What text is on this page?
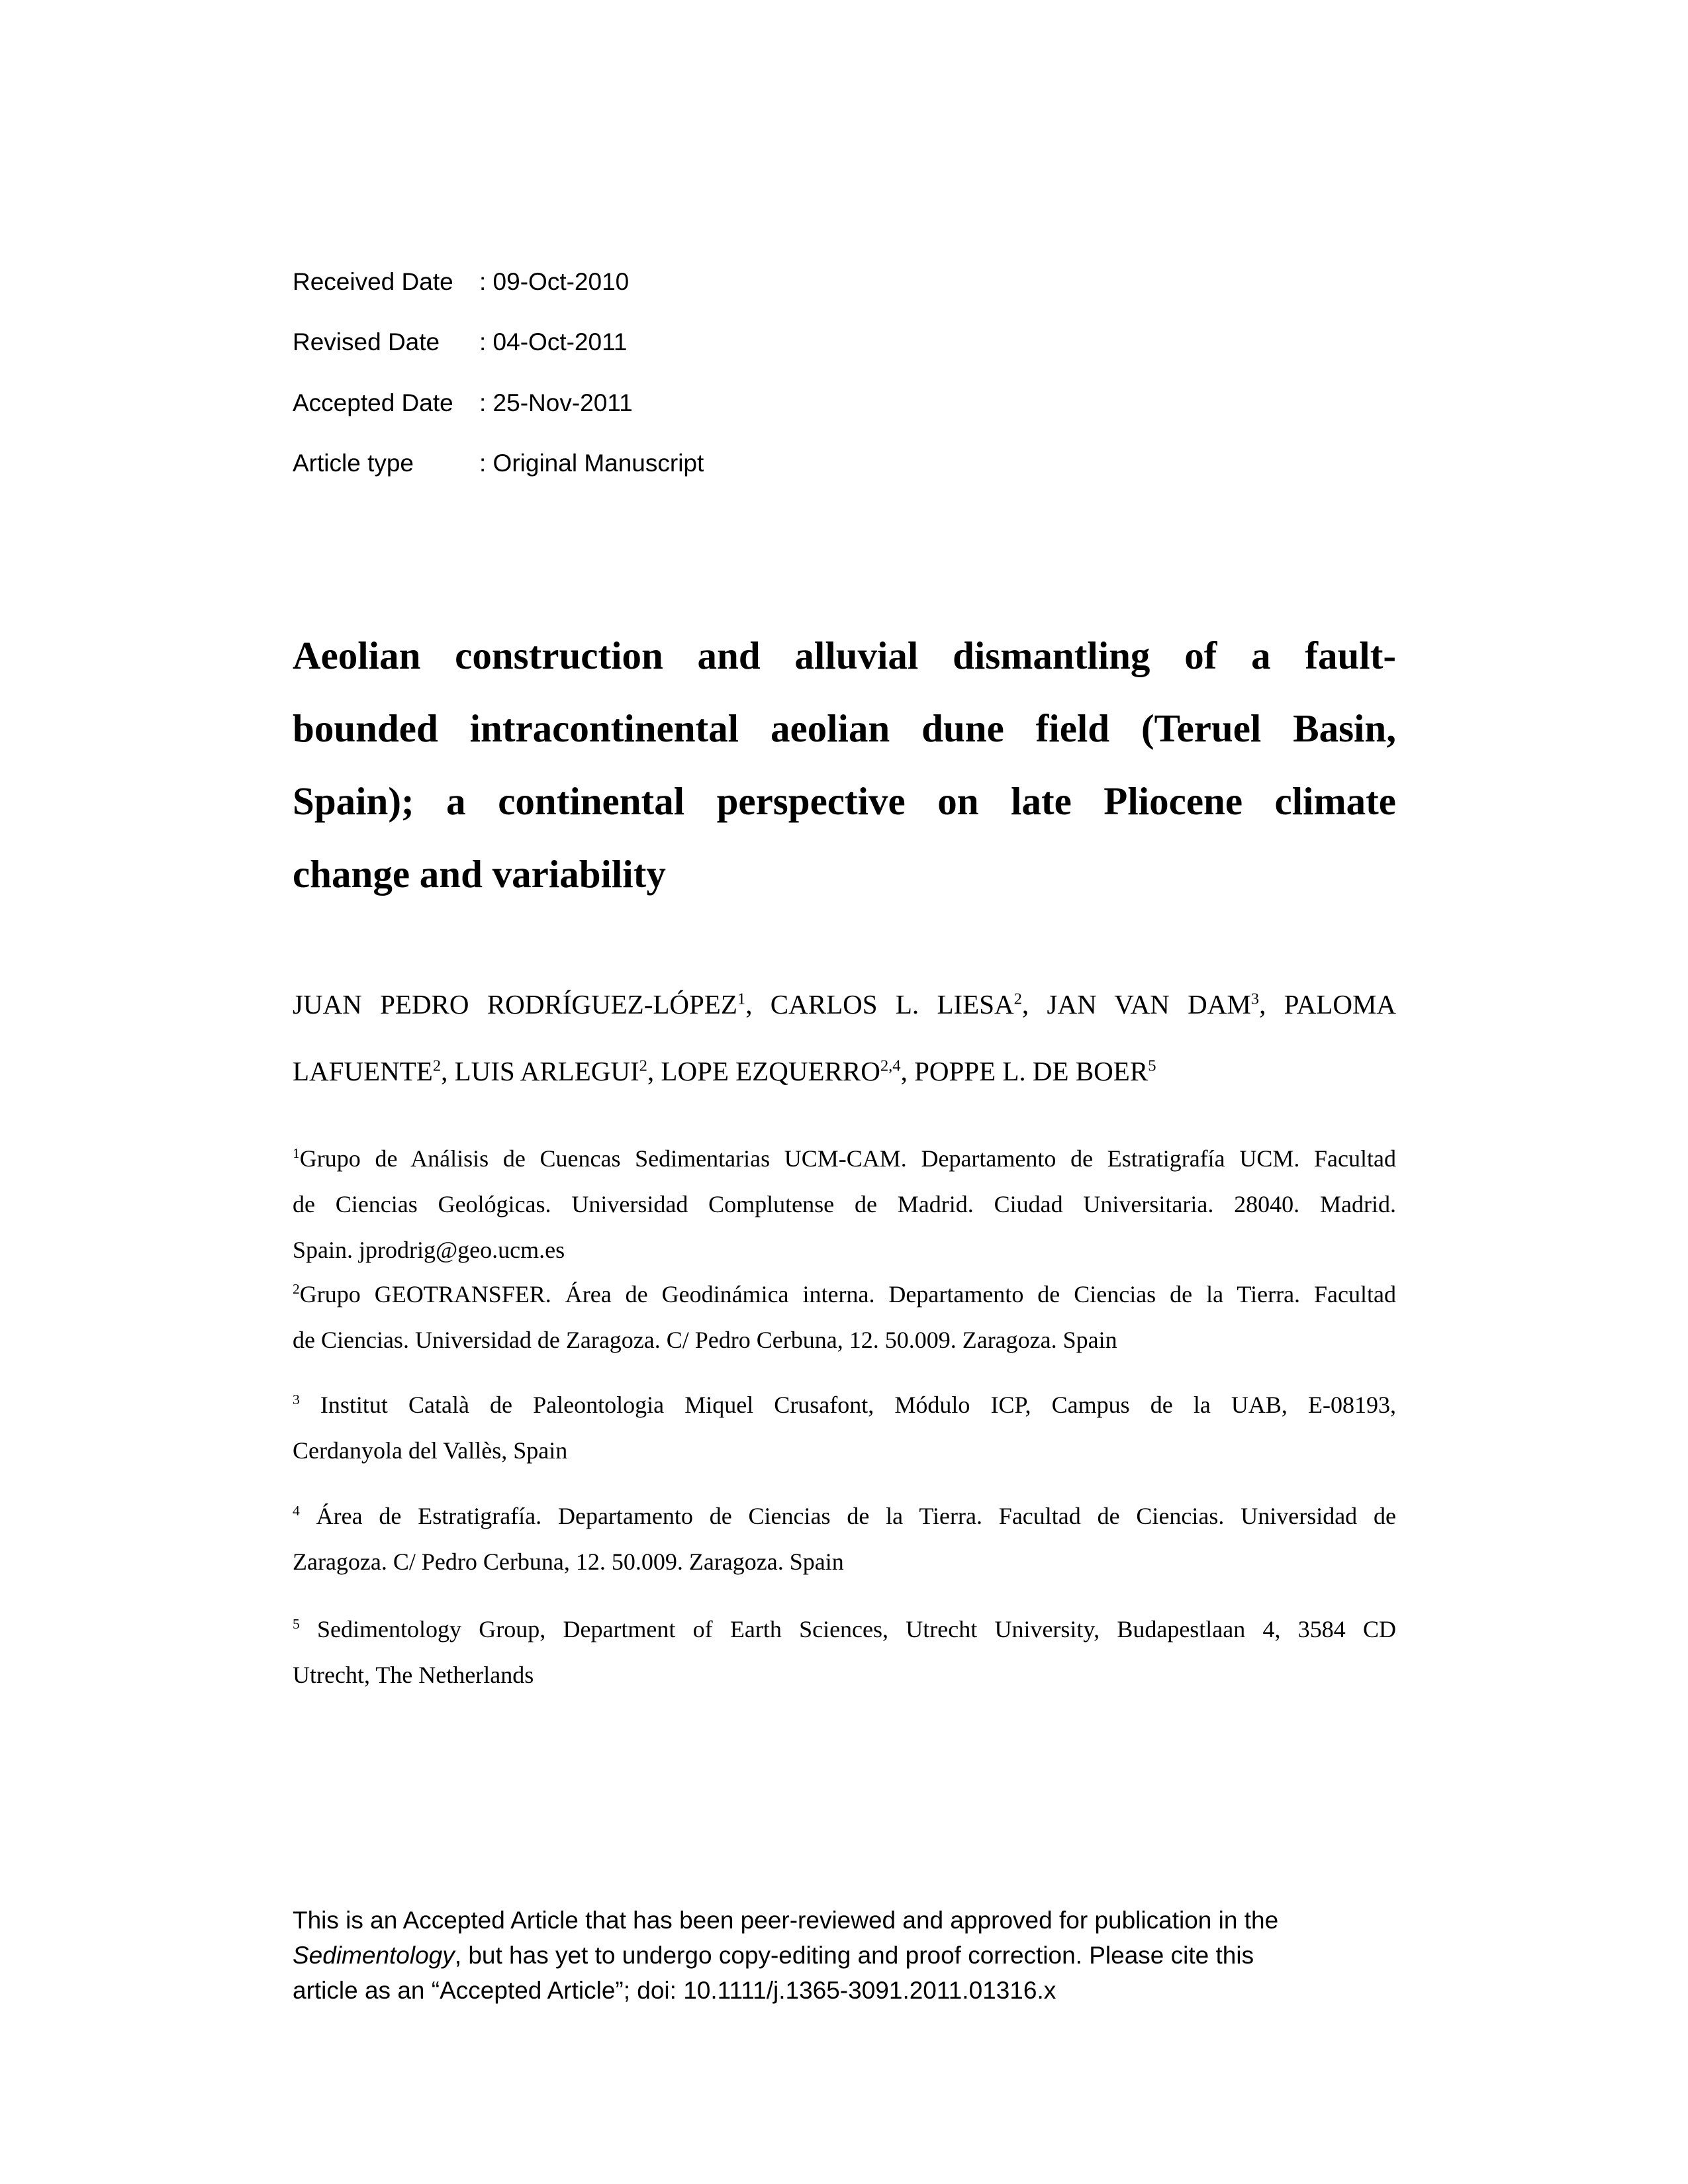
Received Date : 09-Oct-2010
Revised Date : 04-Oct-2011
Accepted Date : 25-Nov-2011
Article type	: Original Manuscript
Aeolian construction and alluvial dismantling of a fault-
bounded intracontinental aeolian dune field (Teruel Basin,
Spain); a continental perspective on late Pliocene climate
change and variability
JUAN PEDRO RODRÍGUEZ-LÓPEZ$^1$, CARLOS L. LIESA$^2$, JAN VAN DAM$^3$, PALOMA
LAFUENTE$^2$, LUIS ARLEGUI$^2$, LOPE EZQUERRO$^{2,4}$, POPPE L. DE BOER$^5$
$^1$Grupo de Análisis de Cuencas Sedimentarias UCM-CAM. Departamento de Estratigrafía UCM. Facultad
de Ciencias Geológicas. Universidad Complutense de Madrid. Ciudad Universitaria. 28040. Madrid.
Spain. jprodrig@geo.ucm.es
$^2$Grupo GEOTRANSFER. Área de Geodinámica interna. Departamento de Ciencias de la Tierra. Facultad
de Ciencias. Universidad de Zaragoza. C/ Pedro Cerbuna, 12. 50.009. Zaragoza. Spain
$^3$ Institut Català de Paleontologia Miquel Crusafont, Módulo ICP, Campus de la UAB, E-08193,
Cerdanyola del Vallès, Spain
$^4$ Área de Estratigrafía. Departamento de Ciencias de la Tierra. Facultad de Ciencias. Universidad de
Zaragoza. C/ Pedro Cerbuna, 12. 50.009. Zaragoza. Spain
$^5$ Sedimentology Group, Department of Earth Sciences, Utrecht University, Budapestlaan 4, 3584 CD
Utrecht, The Netherlands
This is an Accepted Article that has been peer-reviewed and approved for publication in the
Sedimentology, but has yet to undergo copy-editing and proof correction. Please cite this
article as an “Accepted Article”; doi: 10.1111/j.1365-3091.2011.01316.x
